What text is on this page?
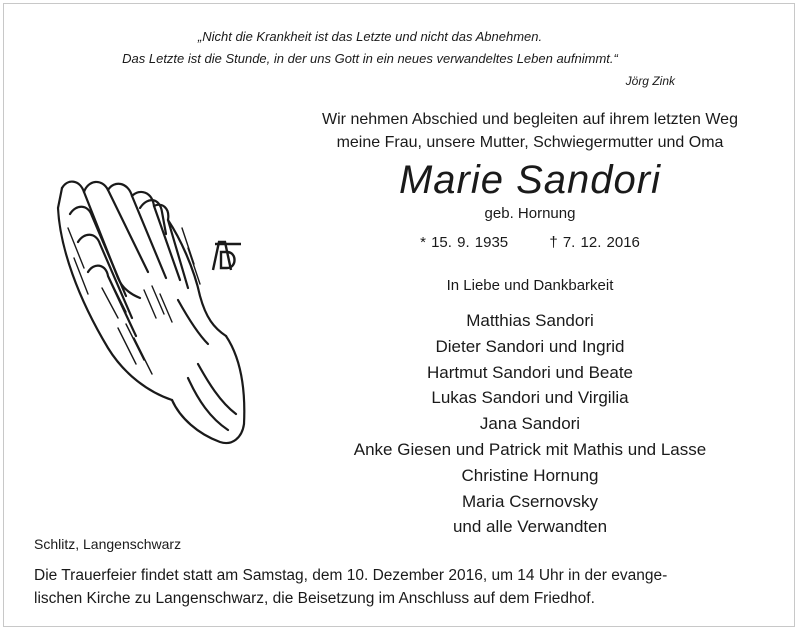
„Nicht die Krankheit ist das Letzte und nicht das Abnehmen.
Das Letzte ist die Stunde, in der uns Gott in ein neues verwandeltes Leben aufnimmt.“
Jörg Zink
Wir nehmen Abschied und begleiten auf ihrem letzten Weg
meine Frau, unsere Mutter, Schwiegermutter und Oma
Marie Sandori
geb. Hornung
* 15. 9. 1935	† 7. 12. 2016
In Liebe und Dankbarkeit
Matthias Sandori
Dieter Sandori und Ingrid
Hartmut Sandori und Beate
Lukas Sandori und Virgilia
Jana Sandori
Anke Giesen und Patrick mit Mathis und Lasse
Christine Hornung
Maria Csernovsky
und alle Verwandten
Schlitz, Langenschwarz

Die Trauerfeier findet statt am Samstag, dem 10. Dezember 2016, um 14 Uhr in der evange-
lischen Kirche zu Langenschwarz, die Beisetzung im Anschluss auf dem Friedhof.
